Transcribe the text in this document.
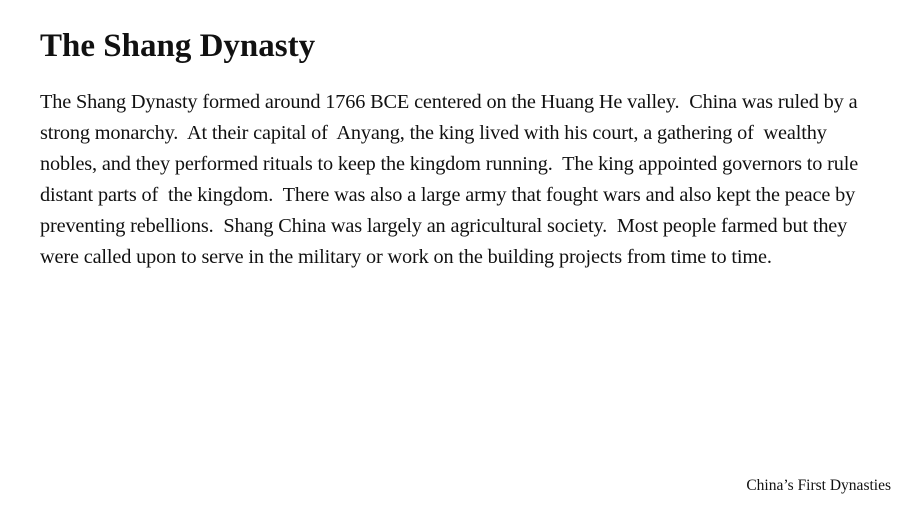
The Shang Dynasty

The Shang Dynasty formed around 1766 BCE centered on the Huang He valley.  China was ruled by a strong monarchy.  At their capital of  Anyang, the king lived with his court, a gathering of  wealthy nobles, and they performed rituals to keep the kingdom running.  The king appointed governors to rule distant parts of  the kingdom.  There was also a large army that fought wars and also kept the peace by preventing rebellions.  Shang China was largely an agricultural society.  Most people farmed but they were called upon to serve in the military or work on the building projects from time to time.

China’s First Dynasties
